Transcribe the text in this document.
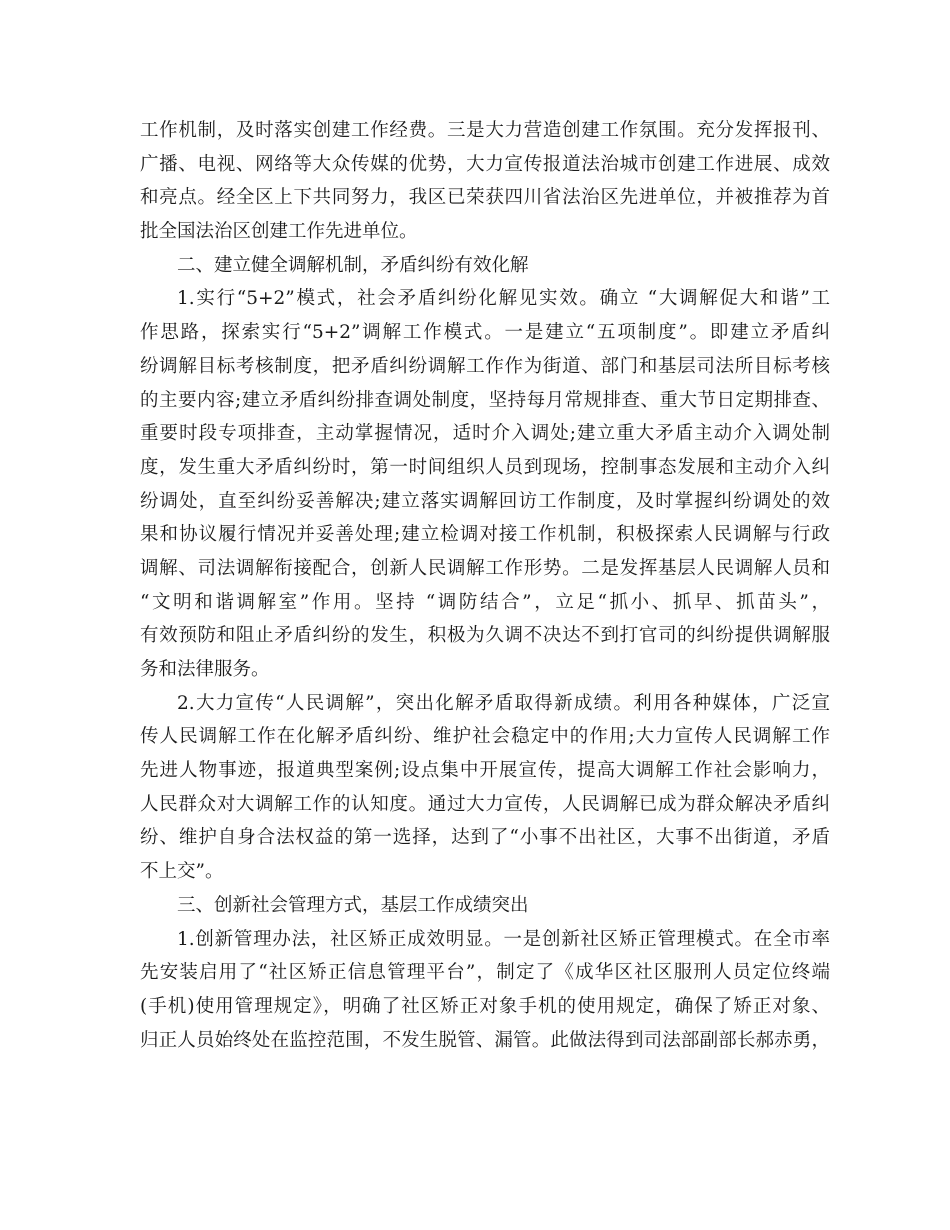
工作机制，及时落实创建工作经费。三是大力营造创建工作氛围。充分发挥报刊、
广播、电视、网络等大众传媒的优势，大力宣传报道法治城市创建工作进展、成效
和亮点。经全区上下共同努力，我区已荣获四川省法治区先进单位，并被推荐为首
批全国法治区创建工作先进单位。
二、建立健全调解机制，矛盾纠纷有效化解
1.实行“5+2”模式，社会矛盾纠纷化解见实效。确立 “大调解促大和谐”工
作思路，探索实行“5+2”调解工作模式。一是建立“五项制度”。即建立矛盾纠
纷调解目标考核制度，把矛盾纠纷调解工作作为街道、部门和基层司法所目标考核
的主要内容;建立矛盾纠纷排查调处制度，坚持每月常规排查、重大节日定期排查、
重要时段专项排查，主动掌握情况，适时介入调处;建立重大矛盾主动介入调处制
度，发生重大矛盾纠纷时，第一时间组织人员到现场，控制事态发展和主动介入纠
纷调处，直至纠纷妥善解决;建立落实调解回访工作制度，及时掌握纠纷调处的效
果和协议履行情况并妥善处理;建立检调对接工作机制，积极探索人民调解与行政
调解、司法调解衔接配合，创新人民调解工作形势。二是发挥基层人民调解人员和
“文明和谐调解室”作用。坚持 “调防结合”，立足“抓小、抓早、抓苗头”，
有效预防和阻止矛盾纠纷的发生，积极为久调不决达不到打官司的纠纷提供调解服
务和法律服务。
2.大力宣传“人民调解”，突出化解矛盾取得新成绩。利用各种媒体，广泛宣
传人民调解工作在化解矛盾纠纷、维护社会稳定中的作用;大力宣传人民调解工作
先进人物事迹，报道典型案例;设点集中开展宣传，提高大调解工作社会影响力，
人民群众对大调解工作的认知度。通过大力宣传，人民调解已成为群众解决矛盾纠
纷、维护自身合法权益的第一选择，达到了“小事不出社区，大事不出街道，矛盾
不上交”。
三、创新社会管理方式，基层工作成绩突出
1.创新管理办法，社区矫正成效明显。一是创新社区矫正管理模式。在全市率
先安装启用了“社区矫正信息管理平台”，制定了《成华区社区服刑人员定位终端
(手机)使用管理规定》，明确了社区矫正对象手机的使用规定，确保了矫正对象、
归正人员始终处在监控范围，不发生脱管、漏管。此做法得到司法部副部长郝赤勇，
